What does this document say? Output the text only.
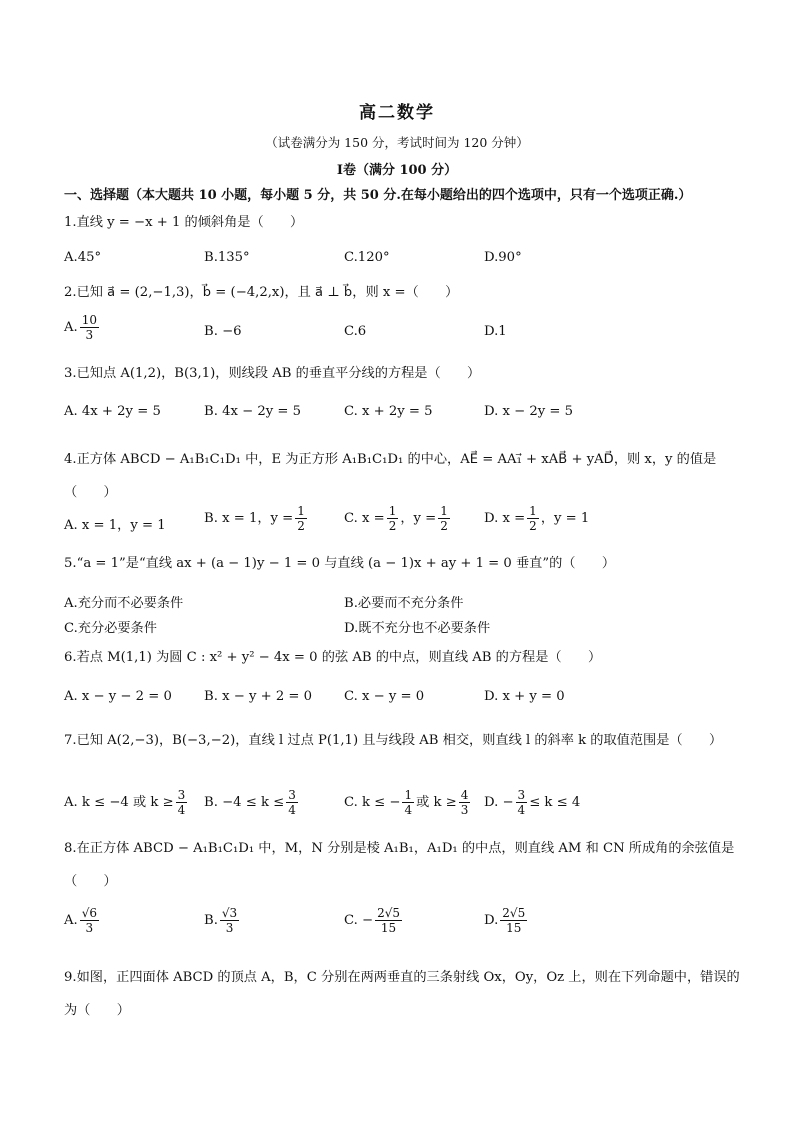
高二数学
（试卷满分为 150 分，考试时间为 120 分钟）
Ⅰ卷（满分 100 分）
一、选择题（本大题共 10 小题，每小题 5 分，共 50 分.在每小题给出的四个选项中，只有一个选项正确.）
1.直线 y = −x + 1 的倾斜角是（　　）
A.45°	B.135°	C.120°	D.90°
2.已知 a⃗ = (2,−1,3)，b⃗ = (−4,2,x)，且 a⃗ ⊥ b⃗，则 x =（　　）
A. $\frac{10}{3}$	B. −6	C.6	D.1
3.已知点 A(1,2)，B(3,1)，则线段 AB 的垂直平分线的方程是（　　）
A. 4x + 2y = 5	B. 4x − 2y = 5	C. x + 2y = 5	D. x − 2y = 5
4.正方体 ABCD − A₁B₁C₁D₁ 中，E 为正方形 A₁B₁C₁D₁ 的中心，AE⃗ = AA₁⃗ + xAB⃗ + yAD⃗，则 x，y 的值是（　　）
A. x = 1，y = 1	B. x = 1，$y = \frac{1}{2}$	C. $x = \frac{1}{2}$ ，$y = \frac{1}{2}$	D. $x = \frac{1}{2}$ ，y = 1
5.“a = 1”是“直线 ax + (a − 1)y − 1 = 0 与直线 (a − 1)x + ay + 1 = 0 垂直”的（　　）
A.充分而不必要条件	B.必要而不充分条件
C.充分必要条件	D.既不充分也不必要条件
6.若点 M(1,1) 为圆 C : x² + y² − 4x = 0 的弦 AB 的中点，则直线 AB 的方程是（　　）
A. x − y − 2 = 0 B. x − y + 2 = 0 C. x − y = 0	D. x + y = 0
7.已知 A(2,−3)，B(−3,−2)，直线 l 过点 P(1,1) 且与线段 AB 相交，则直线 l 的斜率 k 的取值范围是（　　）
A. k ≤ −4 或 $k \ge \frac{3}{4} B$. $-4 \le k \le \frac{3}{4}$	C. k ≤ − $\frac{1}{4}$ 或 $k \ge \frac{4}{3} D$. − $\frac{3}{4} \le k \le 4$
8.在正方体 ABCD − A₁B₁C₁D₁ 中，M，N 分别是棱 A₁B₁，A₁D₁ 的中点，则直线 AM 和 CN 所成角的余弦值是（　　）
A. $\frac{√6}{3}$	B. $\frac{√3}{3}$	C. − $\frac{2√5}{15}$	D. $\frac{2√5}{15}$
9.如图，正四面体 ABCD 的顶点 A，B，C 分别在两两垂直的三条射线 Ox，Oy，Oz 上，则在下列命题中，错误的为（　　）
